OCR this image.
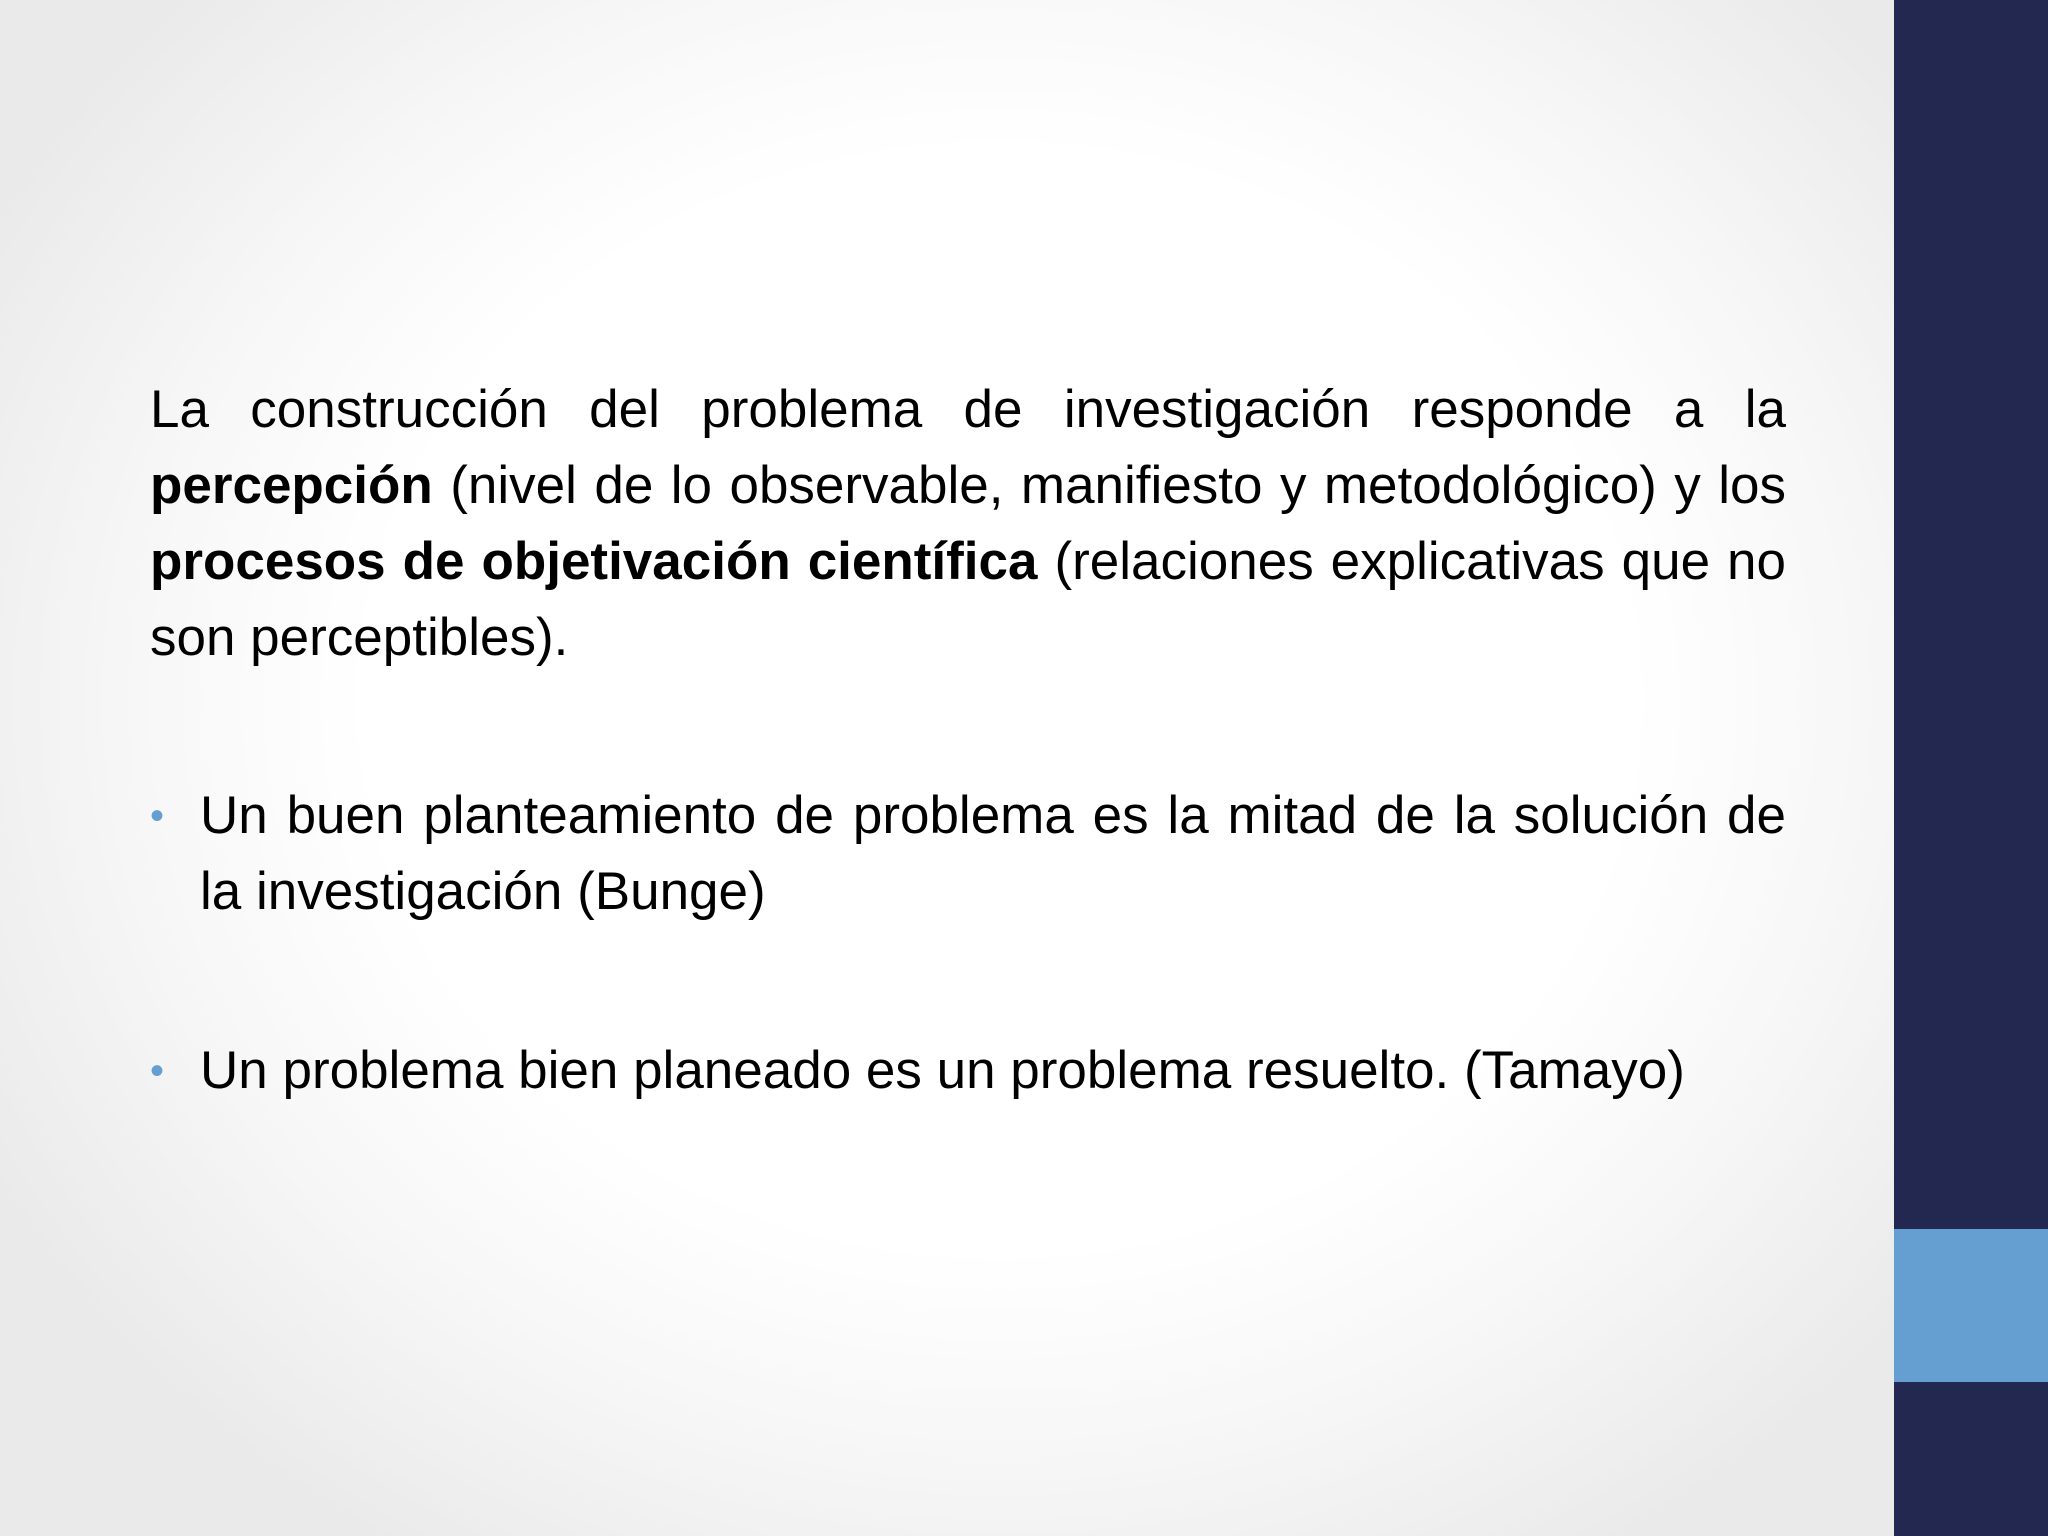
La construcción del problema de investigación responde a la percepción (nivel de lo observable, manifiesto y metodológico) y los procesos de objetivación científica (relaciones explicativas que no son perceptibles).

• Un buen planteamiento de problema es la mitad de la solución de la investigación (Bunge)
• Un problema bien planeado es un problema resuelto. (Tamayo)
